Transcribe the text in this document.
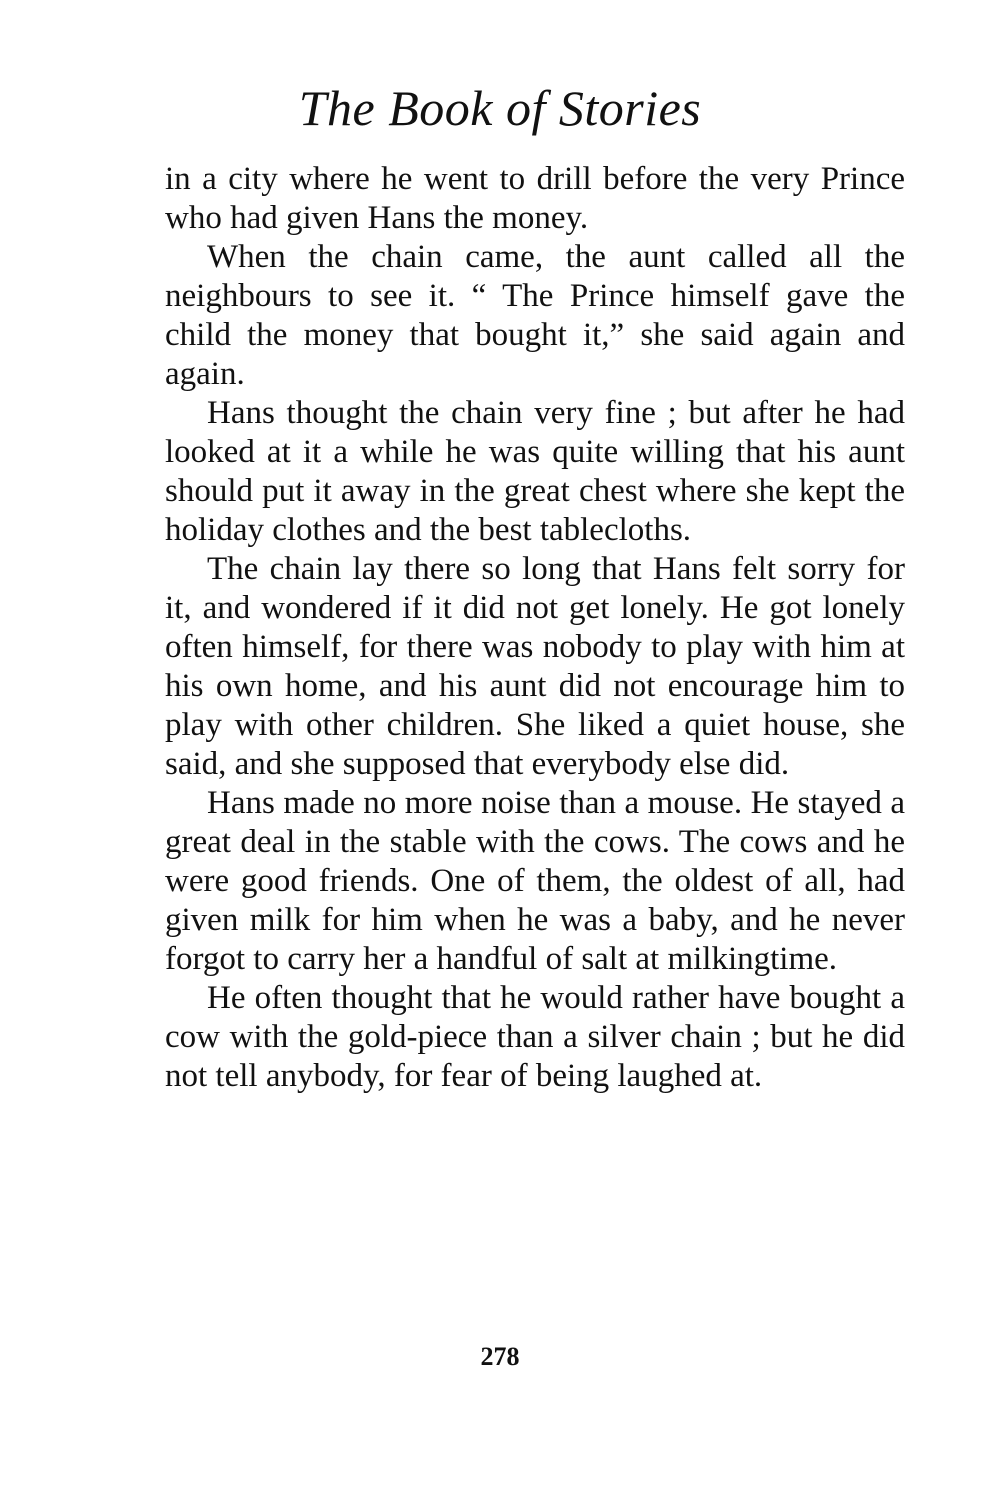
The Book of Stories

in a city where he went to drill before the very Prince who had given Hans the money.

When the chain came, the aunt called all the neighbours to see it. “ The Prince himself gave the child the money that bought it,” she said again and again.

Hans thought the chain very fine ; but after he had looked at it a while he was quite willing that his aunt should put it away in the great chest where she kept the holiday clothes and the best tablecloths.

The chain lay there so long that Hans felt sorry for it, and wondered if it did not get lonely. He got lonely often himself, for there was nobody to play with him at his own home, and his aunt did not encourage him to play with other children. She liked a quiet house, she said, and she supposed that everybody else did.

Hans made no more noise than a mouse. He stayed a great deal in the stable with the cows. The cows and he were good friends. One of them, the oldest of all, had given milk for him when he was a baby, and he never forgot to carry her a handful of salt at milkingtime.

He often thought that he would rather have bought a cow with the gold-piece than a silver chain ; but he did not tell anybody, for fear of being laughed at.

278
